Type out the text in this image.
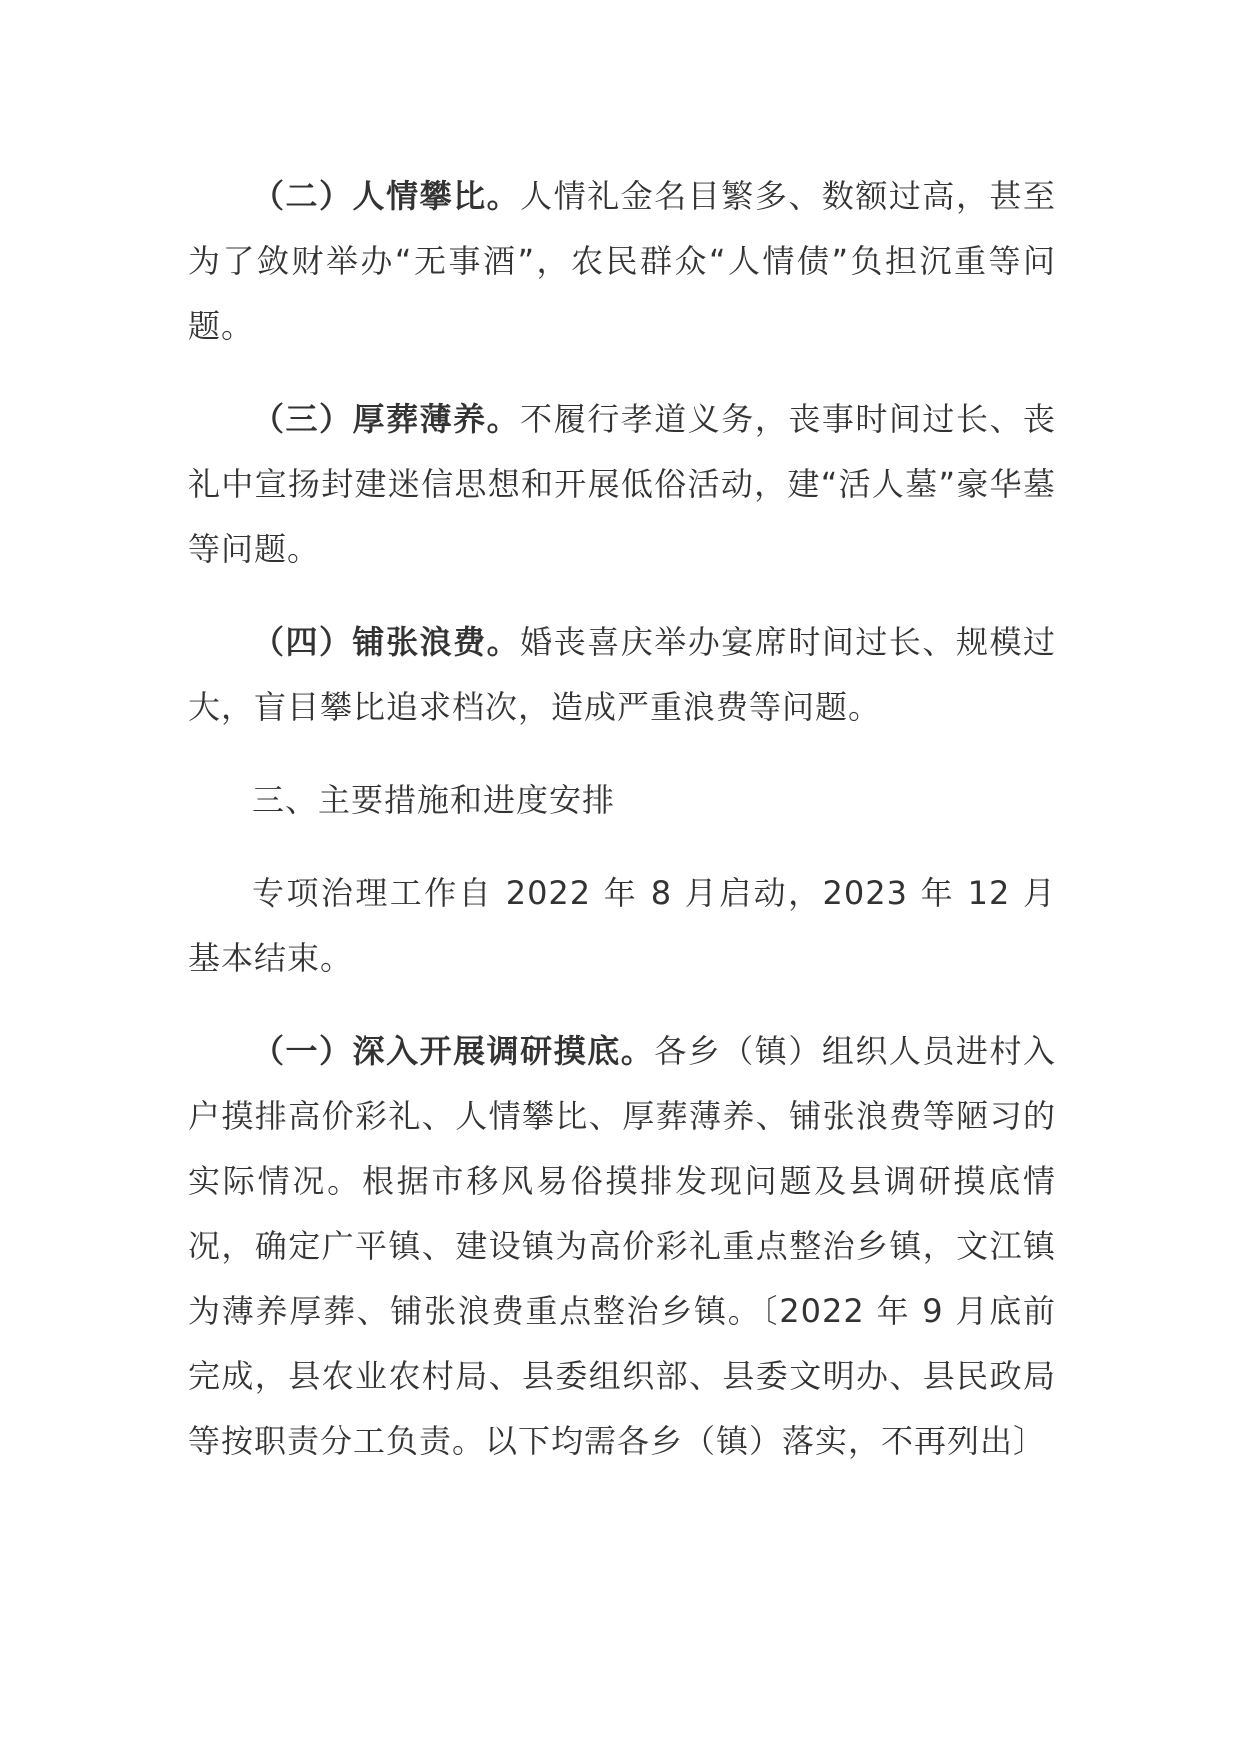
（二）人情攀比。人情礼金名目繁多、数额过高，甚至为了敛财举办“无事酒”，农民群众“人情债”负担沉重等问题。

（三）厚葬薄养。不履行孝道义务，丧事时间过长、丧礼中宣扬封建迷信思想和开展低俗活动，建“活人墓”豪华墓等问题。

（四）铺张浪费。婚丧喜庆举办宴席时间过长、规模过大，盲目攀比追求档次，造成严重浪费等问题。

三、主要措施和进度安排

专项治理工作自 2022 年 8 月启动，2023 年 12 月基本结束。

（一）深入开展调研摸底。各乡（镇）组织人员进村入户摸排高价彩礼、人情攀比、厚葬薄养、铺张浪费等陋习的实际情况。根据市移风易俗摸排发现问题及县调研摸底情况，确定广平镇、建设镇为高价彩礼重点整治乡镇，文江镇为薄养厚葬、铺张浪费重点整治乡镇。〔2022 年 9 月底前完成，县农业农村局、县委组织部、县委文明办、县民政局等按职责分工负责。以下均需各乡（镇）落实，不再列出〕
